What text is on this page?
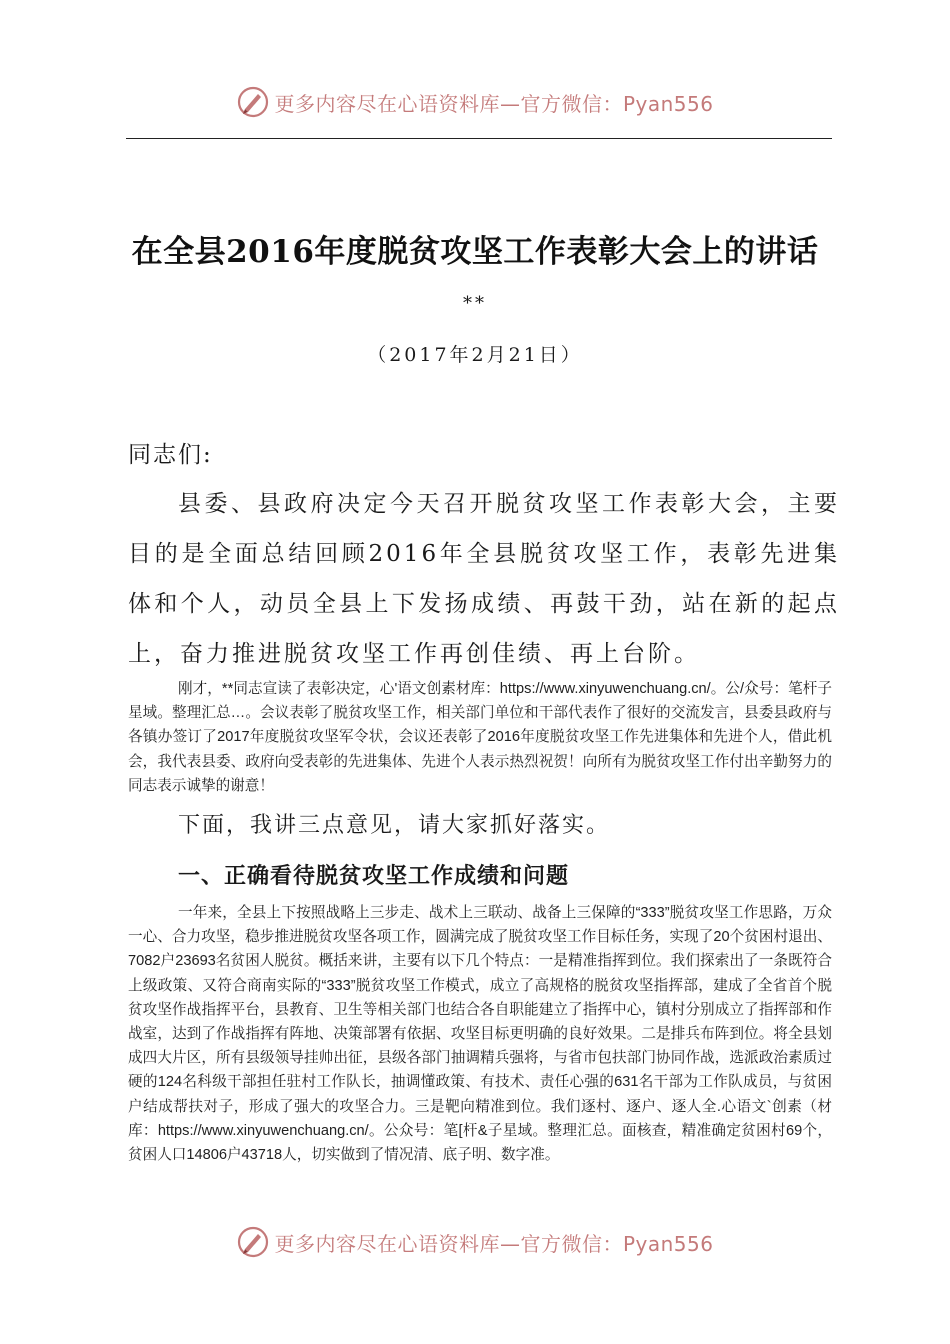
更多内容尽在心语资料库—官方微信：Pyan556
在全县2016年度脱贫攻坚工作表彰大会上的讲话
**
（2017年2月21日）
同志们:

县委、县政府决定今天召开脱贫攻坚工作表彰大会，主要目的是全面总结回顾2016年全县脱贫攻坚工作，表彰先进集体和个人，动员全县上下发扬成绩、再鼓干劲，站在新的起点上，奋力推进脱贫攻坚工作再创佳绩、再上台阶。

刚才，**同志宣读了表彰决定，心'语文创素材库：https://www.xinyuwenchuang.cn/。公/众号：笔杆子星域。整理汇总…。会议表彰了脱贫攻坚工作，相关部门单位和干部代表作了很好的交流发言，县委县政府与各镇办签订了2017年度脱贫攻坚军令状，会议还表彰了2016年度脱贫攻坚工作先进集体和先进个人，借此机会，我代表县委、政府向受表彰的先进集体、先进个人表示热烈祝贺！向所有为脱贫攻坚工作付出辛勤努力的同志表示诚挚的谢意！

下面，我讲三点意见，请大家抓好落实。
一、正确看待脱贫攻坚工作成绩和问题

一年来，全县上下按照战略上三步走、战术上三联动、战备上三保障的“333”脱贫攻坚工作思路，万众一心、合力攻坚，稳步推进脱贫攻坚各项工作，圆满完成了脱贫攻坚工作目标任务，实现了20个贫困村退出、7082户23693名贫困人脱贫。概括来讲，主要有以下几个特点：一是精准指挥到位。我们探索出了一条既符合上级政策、又符合商南实际的“333”脱贫攻坚工作模式，成立了高规格的脱贫攻坚指挥部，建成了全省首个脱贫攻坚作战指挥平台，县教育、卫生等相关部门也结合各自职能建立了指挥中心，镇村分别成立了指挥部和作战室，达到了作战指挥有阵地、决策部署有依据、攻坚目标更明确的良好效果。二是排兵布阵到位。将全县划成四大片区，所有县级领导挂帅出征，县级各部门抽调精兵强将，与省市包扶部门协同作战，选派政治素质过硬的124名科级干部担任驻村工作队长，抽调懂政策、有技术、责任心强的631名干部为工作队成员，与贫困户结成帮扶对子，形成了强大的攻坚合力。三是靶向精准到位。我们逐村、逐户、逐人全.心语文`创素（材库：https://www.xinyuwenchuang.cn/。公众号：笔[杆&子星域。整理汇总。面核查，精准确定贫困村69个，贫困人口14806户43718人，切实做到了情况清、底子明、数字准。

更多内容尽在心语资料库—官方微信：Pyan556
